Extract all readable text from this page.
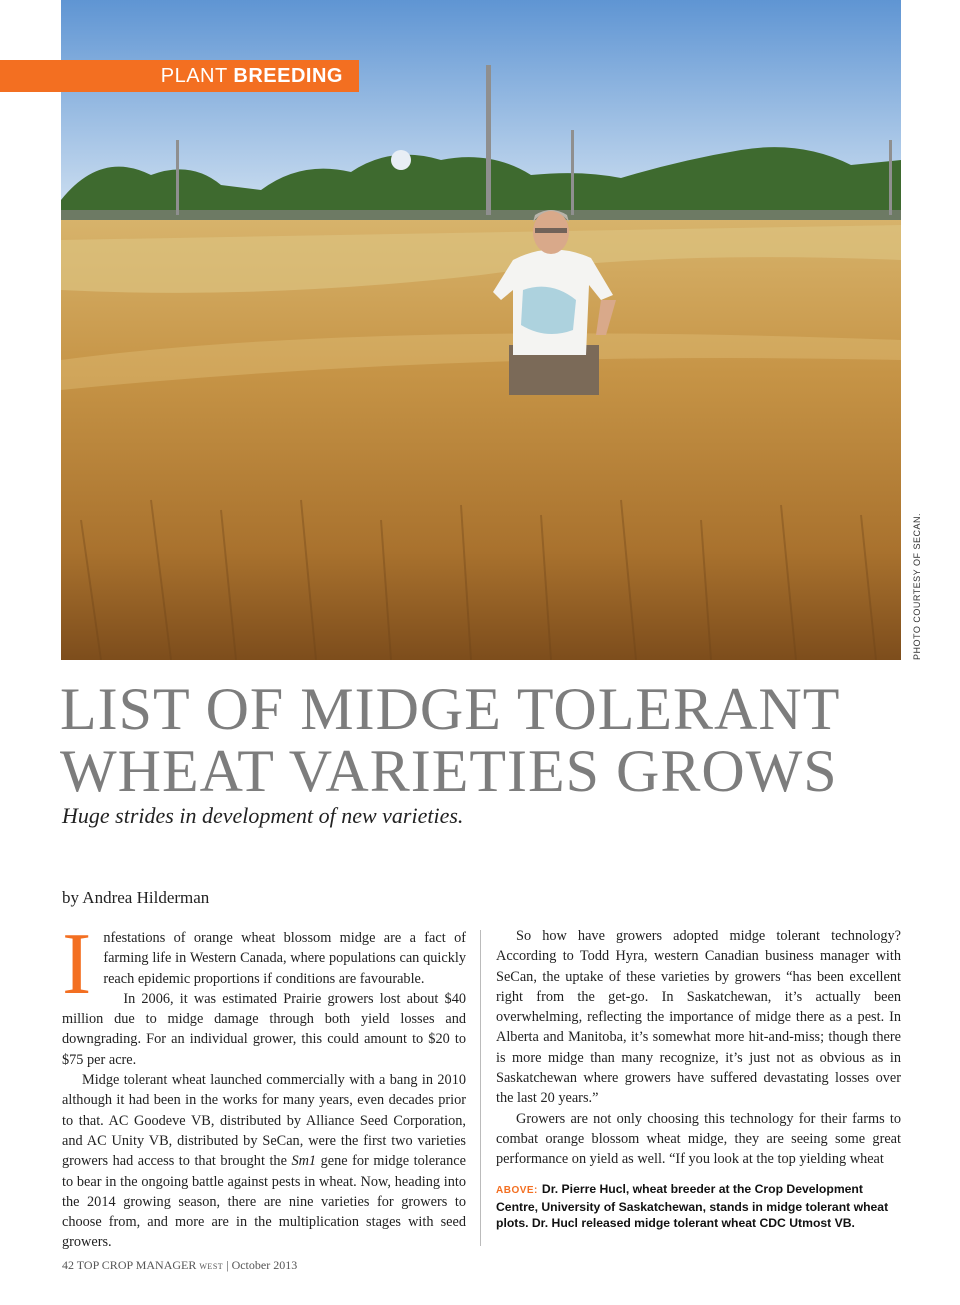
PHOTO COURTESY OF SECAN.
PLANT BREEDING
LIST OF MIDGE TOLERANT
WHEAT VARIETIES GROWS

Huge strides in development of new varieties.

by Andrea Hilderman

Infestations of orange wheat blossom midge are a fact of farming life in Western Canada, where populations can quickly reach epidemic proportions if conditions are favourable.

In 2006, it was estimated Prairie growers lost about $40 million due to midge damage through both yield losses and downgrading. For an individual grower, this could amount to $20 to $75 per acre.

Midge tolerant wheat launched commercially with a bang in 2010 although it had been in the works for many years, even decades prior to that. AC Goodeve VB, distributed by Alliance Seed Corporation, and AC Unity VB, distributed by SeCan, were the first two varieties growers had access to that brought the Sm1 gene for midge tolerance to bear in the ongoing battle against pests in wheat. Now, heading into the 2014 growing season, there are nine varieties for growers to choose from, and more are in the multiplication stages with seed growers.

So how have growers adopted midge tolerant technology? According to Todd Hyra, western Canadian business manager with SeCan, the uptake of these varieties by growers “has been excellent right from the get-go. In Saskatchewan, it’s actually been overwhelming, reflecting the importance of midge there as a pest. In Alberta and Manitoba, it’s somewhat more hit-and-miss; though there is more midge than many recognize, it’s just not as obvious as in Saskatchewan where growers have suffered devastating losses over the last 20 years.”

Growers are not only choosing this technology for their farms to combat orange blossom wheat midge, they are seeing some great performance on yield as well. “If you look at the top yielding wheat

ABOVE: Dr. Pierre Hucl, wheat breeder at the Crop Development Centre, University of Saskatchewan, stands in midge tolerant wheat plots. Dr. Hucl released midge tolerant wheat CDC Utmost VB.
42 TOP CROP MANAGER WEST | October 2013
